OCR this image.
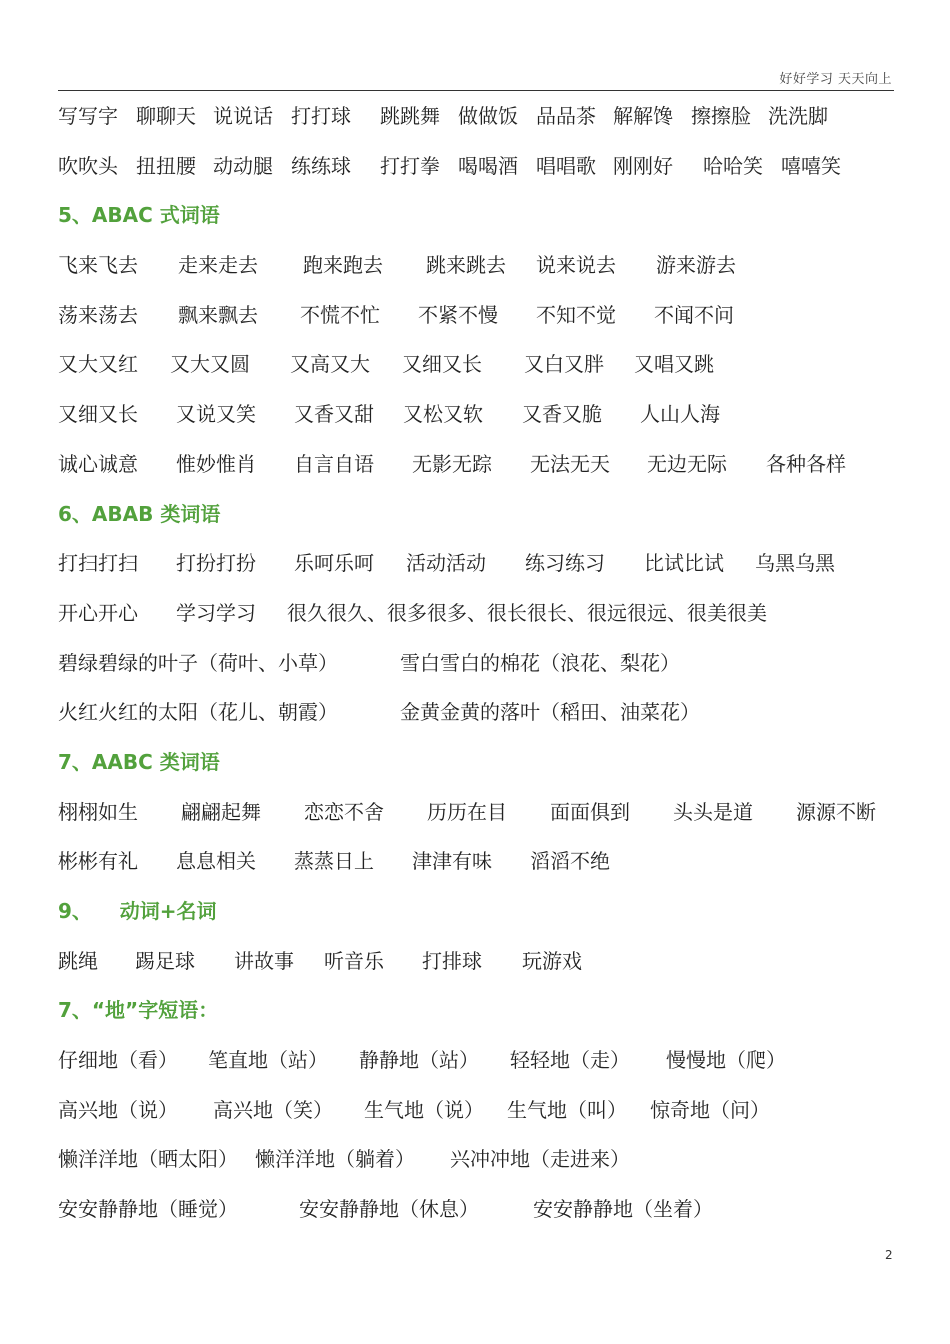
好好学习 天天向上
写写字 聊聊天 说说话 打打球 跳跳舞 做做饭 品品茶 解解馋 擦擦脸 洗洗脚
吹吹头 扭扭腰 动动腿 练练球 打打拳 喝喝酒 唱唱歌 刚刚好 哈哈笑 嘻嘻笑
5、ABAC 式词语
飞来飞去 走来走去 跑来跑去 跳来跳去 说来说去 游来游去
荡来荡去 飘来飘去 不慌不忙 不紧不慢 不知不觉 不闻不问
又大又红 又大又圆 又高又大 又细又长 又白又胖 又唱又跳
又细又长 又说又笑 又香又甜 又松又软 又香又脆 人山人海
诚心诚意 惟妙惟肖 自言自语 无影无踪 无法无天 无边无际 各种各样
6、ABAB 类词语
打扫打扫 打扮打扮 乐呵乐呵 活动活动 练习练习 比试比试 乌黑乌黑
开心开心 学习学习 很久很久、很多很多、很长很长、很远很远、很美很美
碧绿碧绿的叶子（荷叶、小草）	雪白雪白的棉花（浪花、梨花）
火红火红的太阳（花儿、朝霞）	金黄金黄的落叶（稻田、油菜花）
7、AABC 类词语
栩栩如生 翩翩起舞 恋恋不舍 历历在目 面面俱到 头头是道 源源不断
彬彬有礼 息息相关 蒸蒸日上 津津有味 滔滔不绝
9、    动词+名词
跳绳 踢足球 讲故事 听音乐 打排球 玩游戏
7、“地”字短语：
仔细地（看） 笔直地（站） 静静地（站） 轻轻地（走） 慢慢地（爬）
高兴地（说） 高兴地（笑） 生气地（说） 生气地（叫） 惊奇地（问）
懒洋洋地（晒太阳） 懒洋洋地（躺着） 兴冲冲地（走进来）
安安静静地（睡觉）	安安静静地（休息）	安安静静地（坐着）
2
